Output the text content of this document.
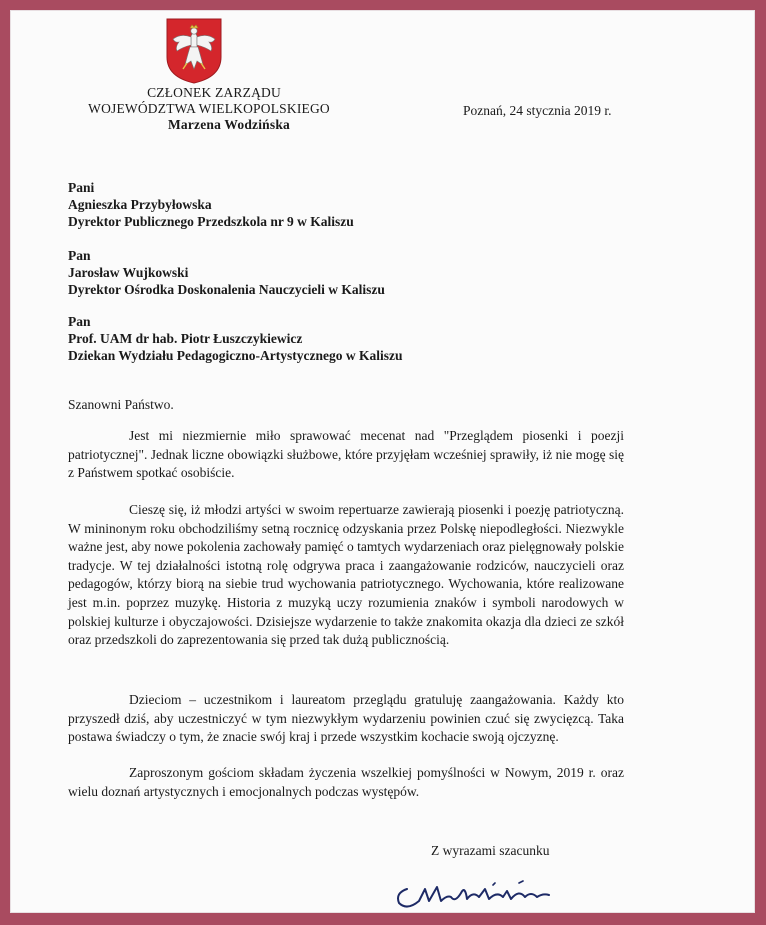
CZŁONEK ZARZĄDU
WOJEWÓDZTWA WIELKOPOLSKIEGO
Marzena Wodzińska
Poznań, 24 stycznia 2019 r.
Pani
Agnieszka Przybyłowska
Dyrektor Publicznego Przedszkola nr 9 w Kaliszu
Pan
Jarosław Wujkowski
Dyrektor Ośrodka Doskonalenia Nauczycieli w Kaliszu
Pan
Prof. UAM dr hab. Piotr Łuszczykiewicz
Dziekan Wydziału Pedagogiczno-Artystycznego w Kaliszu
Szanowni Państwo.
Jest mi niezmiernie miło sprawować mecenat nad "Przeglądem piosenki i poezji patriotycznej". Jednak liczne obowiązki służbowe, które przyjęłam wcześniej sprawiły, iż nie mogę się z Państwem spotkać osobiście.
Cieszę się, iż młodzi artyści w swoim repertuarze zawierają piosenki i poezję patriotyczną. W mininonym roku obchodziliśmy setną rocznicę odzyskania przez Polskę niepodległości. Niezwykle ważne jest, aby nowe pokolenia zachowały pamięć o tamtych wydarzeniach oraz pielęgnowały polskie tradycje. W tej działalności istotną rolę odgrywa praca i zaangażowanie rodziców, nauczycieli oraz pedagogów, którzy biorą na siebie trud wychowania patriotycznego. Wychowania, które realizowane jest m.in. poprzez muzykę. Historia z muzyką uczy rozumienia znaków i symboli narodowych w polskiej kulturze i obyczajowości. Dzisiejsze wydarzenie to także znakomita okazja dla dzieci ze szkół oraz przedszkoli do zaprezentowania się przed tak dużą publicznością.
Dzieciom – uczestnikom i laureatom przeglądu gratuluję zaangażowania. Każdy kto przyszedł dziś, aby uczestniczyć w tym niezwykłym wydarzeniu powinien czuć się zwycięzcą. Taka postawa świadczy o tym, że znacie swój kraj i przede wszystkim kochacie swoją ojczyznę.
Zaproszonym gościom składam życzenia wszelkiej pomyślności w Nowym, 2019 r. oraz wielu doznań artystycznych i emocjonalnych podczas występów.
Z wyrazami szacunku
